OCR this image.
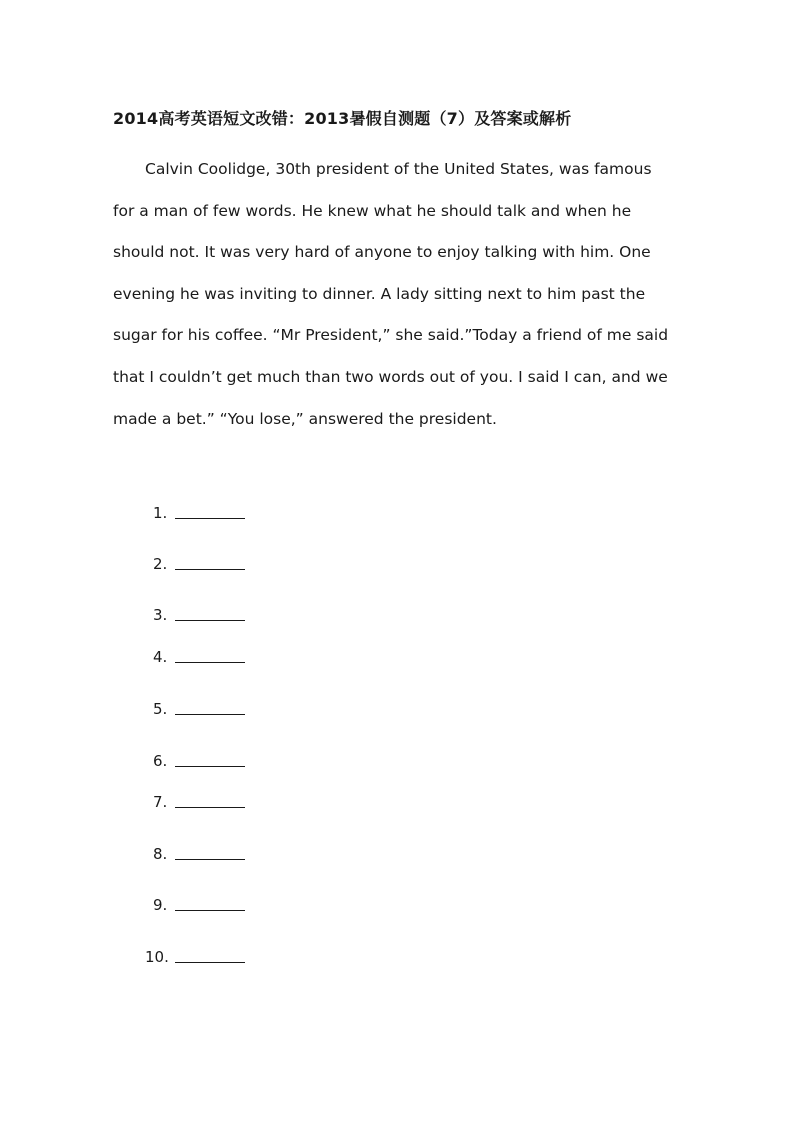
2014高考英语短文改错：2013暑假自测题（7）及答案或解析
Calvin Coolidge, 30th president of the United States, was famous
for a man of few words. He knew what he should talk and when he
should not. It was very hard of anyone to enjoy talking with him. One
evening he was inviting to dinner. A lady sitting next to him past the
sugar for his coffee. “Mr President,” she said.”Today a friend of me said
that I couldn’t get much than two words out of you. I said I can, and we
made a bet.” “You lose,” answered the president.
1.
2.
3.
4.
5.
6.
7.
8.
9.
10.
